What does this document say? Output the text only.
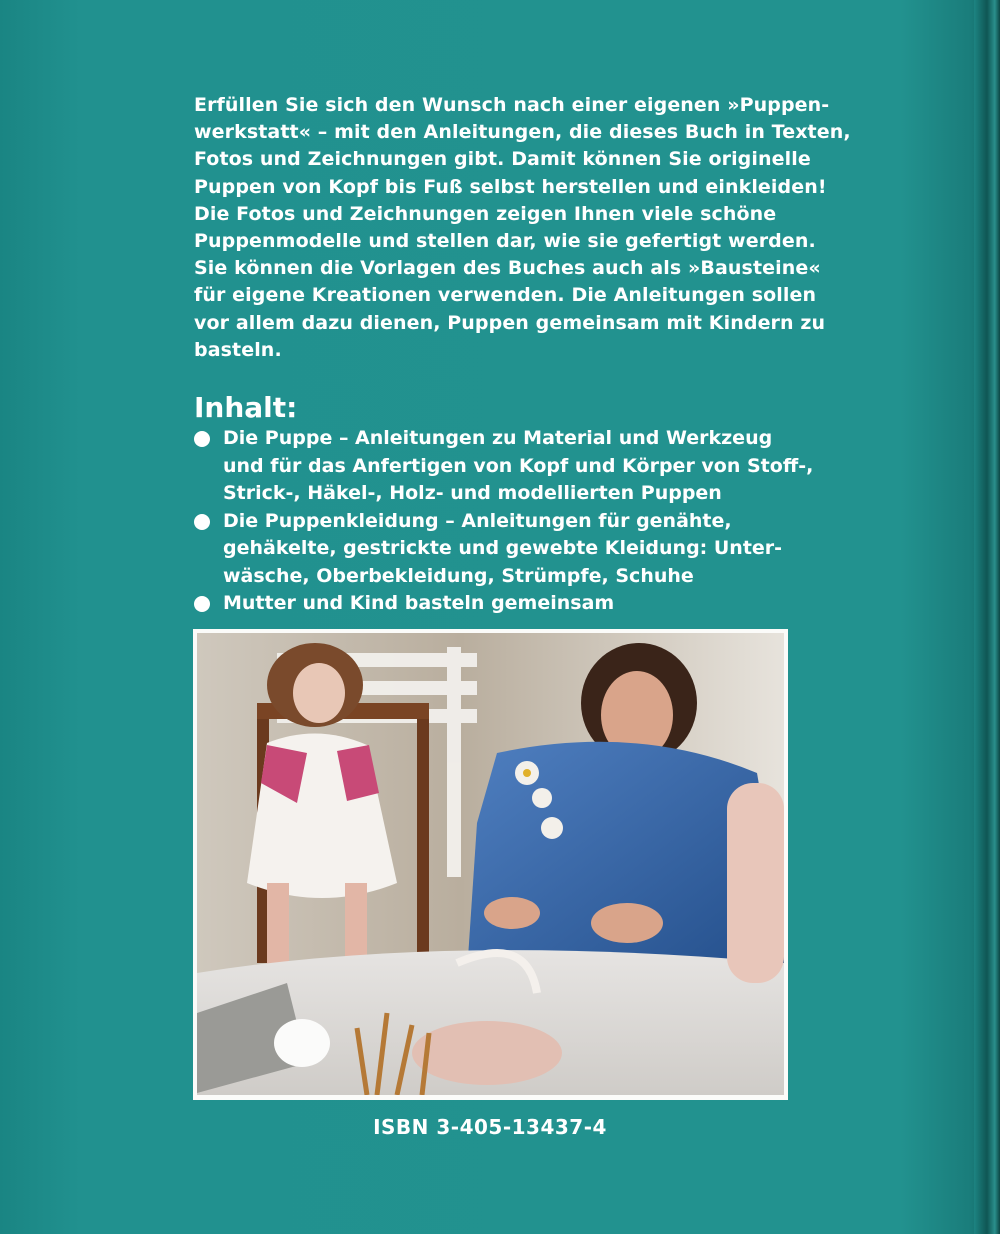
Erfüllen Sie sich den Wunsch nach einer eigenen »Puppen-
werkstatt« – mit den Anleitungen, die dieses Buch in Texten,
Fotos und Zeichnungen gibt. Damit können Sie originelle
Puppen von Kopf bis Fuß selbst herstellen und einkleiden!
Die Fotos und Zeichnungen zeigen Ihnen viele schöne
Puppenmodelle und stellen dar, wie sie gefertigt werden.
Sie können die Vorlagen des Buches auch als »Bausteine«
für eigene Kreationen verwenden. Die Anleitungen sollen
vor allem dazu dienen, Puppen gemeinsam mit Kindern zu
basteln.
Inhalt:
Die Puppe – Anleitungen zu Material und Werkzeug
und für das Anfertigen von Kopf und Körper von Stoff-,
Strick-, Häkel-, Holz- und modellierten Puppen
Die Puppenkleidung – Anleitungen für genähte,
gehäkelte, gestrickte und gewebte Kleidung: Unter-
wäsche, Oberbekleidung, Strümpfe, Schuhe
Mutter und Kind basteln gemeinsam
ISBN 3-405-13437-4
